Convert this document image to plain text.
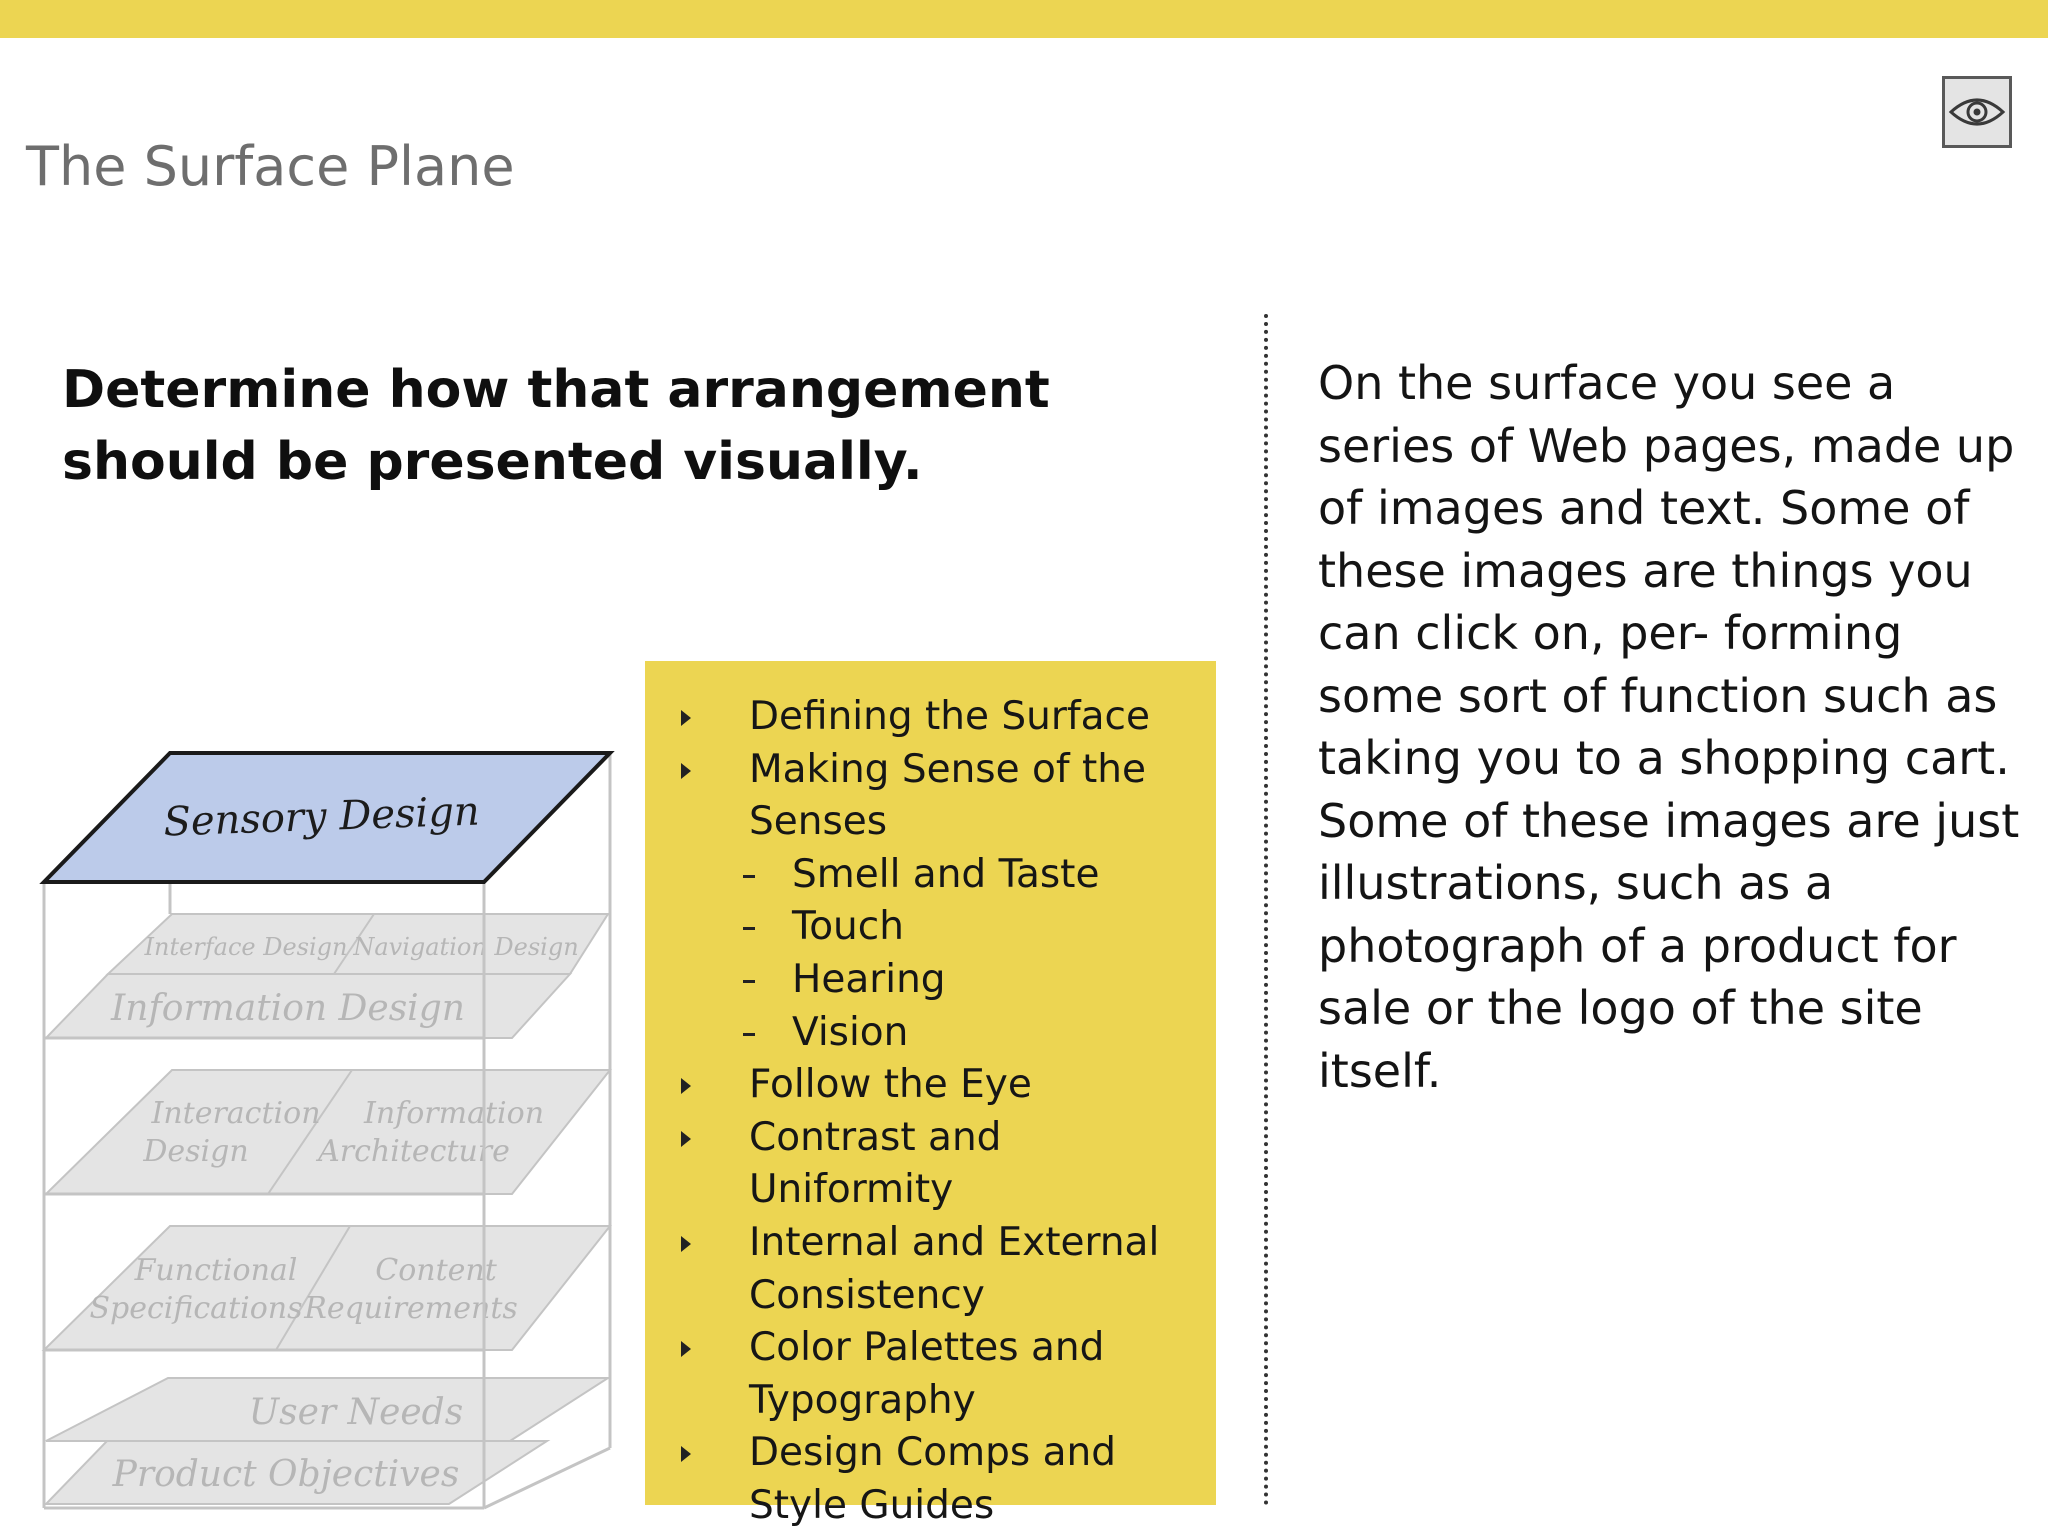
The Surface Plane
Determine how that arrangement should be presented visually.
On the surface you see a series of Web pages, made up of images and text. Some of these images are things you can click on, per- forming some sort of function such as taking you to a shopping cart. Some of these images are just illustrations, such as a photograph of a product for sale or the logo of the site itself.
User Needs
Product Objectives
Functional
Specifications
Content
Requirements
Interaction
Design
Information
Architecture
Interface Design Navigation Design
Information Design
Sensory Design
Defining the Surface
Making Sense of the Senses
Smell and Taste
Touch
Hearing
Vision
Follow the Eye
Contrast and Uniformity
Internal and External Consistency
Color Palettes and Typography
Design Comps and Style Guides
